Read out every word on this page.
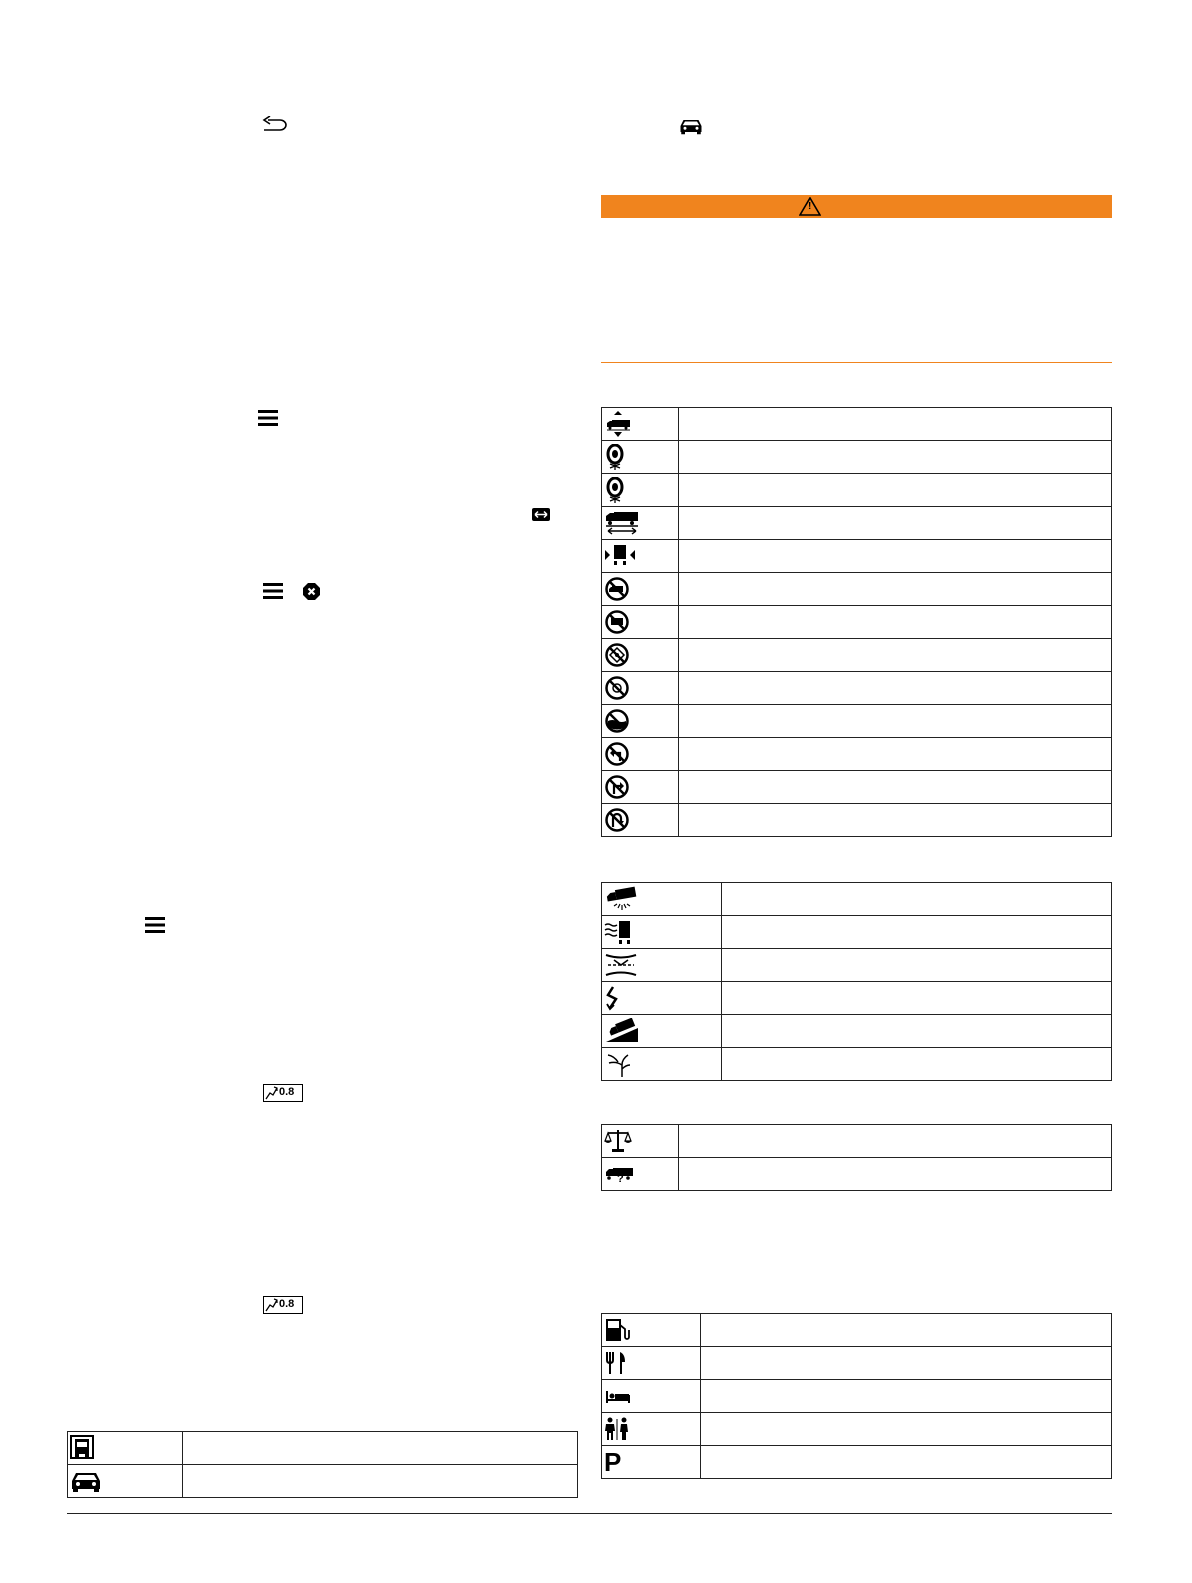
0.8
0.8

!

?	

P	
